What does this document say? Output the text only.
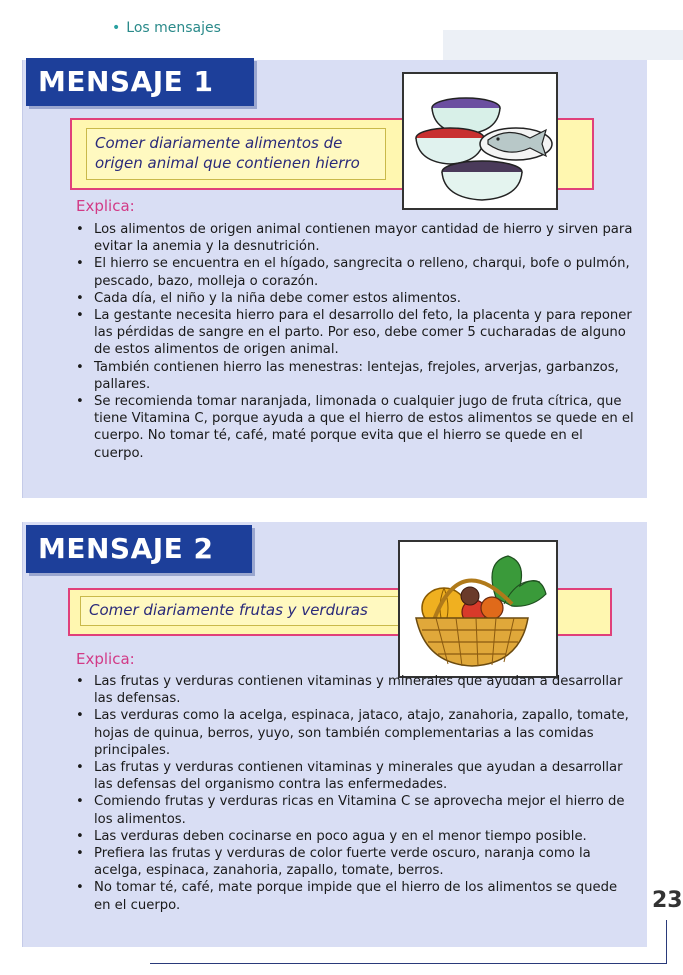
• Los mensajes
MENSAJE 1
Comer diariamente alimentos de origen animal que contienen hierro
Explica:
• Los alimentos de origen animal contienen mayor cantidad de hierro y sirven para evitar la anemia y la desnutrición.
• El hierro se encuentra en el hígado, sangrecita o relleno, charqui, bofe o pulmón, pescado, bazo, molleja o corazón.
• Cada día, el niño y la niña debe comer estos alimentos.
• La gestante necesita hierro para el desarrollo del feto, la placenta y para reponer las pérdidas de sangre en el parto. Por eso, debe comer 5 cucharadas de alguno de estos alimentos de origen animal.
• También contienen hierro las menestras: lentejas, frejoles, arverjas, garbanzos, pallares.
• Se recomienda tomar naranjada, limonada o cualquier jugo de fruta cítrica, que tiene Vitamina C, porque ayuda a que el hierro de estos alimentos se quede en el cuerpo. No tomar té, café, maté porque evita que el hierro se quede en el cuerpo.
MENSAJE 2
Comer diariamente frutas y verduras
Explica:
• Las frutas y verduras contienen vitaminas y minerales que ayudan a desarrollar las defensas.
• Las verduras como la acelga, espinaca, jataco, atajo, zanahoria, zapallo, tomate, hojas de quinua, berros, yuyo, son también complementarias a las comidas principales.
• Las frutas y verduras contienen vitaminas y minerales que ayudan a desarrollar las defensas del organismo contra las enfermedades.
• Comiendo frutas y verduras ricas en Vitamina C se aprovecha mejor el hierro de los alimentos.
• Las verduras deben cocinarse en poco agua y en el menor tiempo posible.
• Prefiera las frutas y verduras de color fuerte verde oscuro, naranja como la acelga, espinaca, zanahoria, zapallo, tomate, berros.
• No tomar té, café, mate porque impide que el hierro de los alimentos se quede en el cuerpo.	23
